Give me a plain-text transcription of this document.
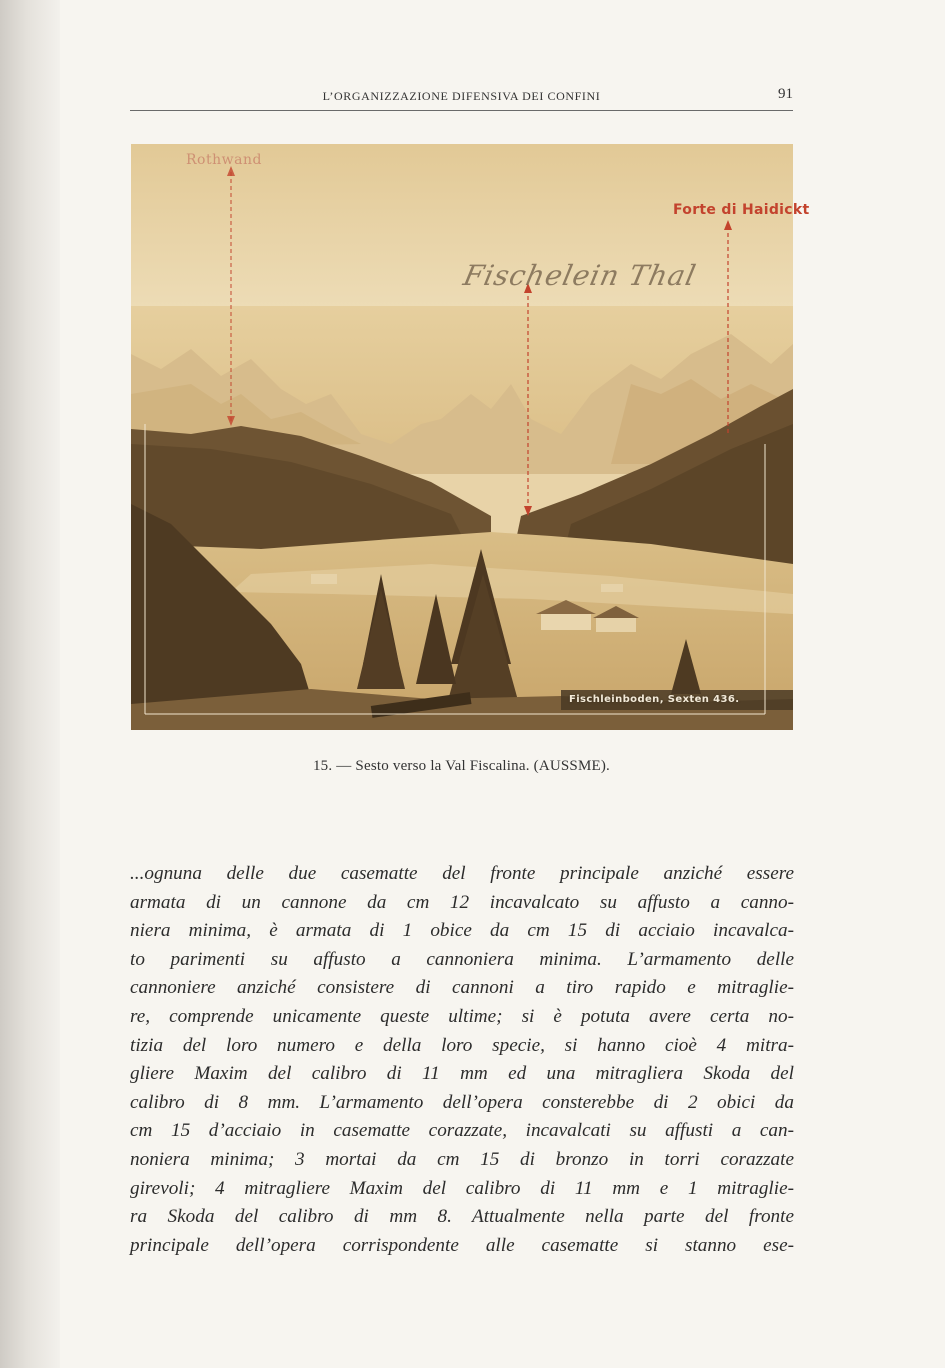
L’ORGANIZZAZIONE DIFENSIVA DEI CONFINI	91
Rothwand
Forte di Haidickt
Fischelein Thal
Fischleinboden, Sexten 436.
15. — Sesto verso la Val Fiscalina. (AUSSME).
...ognuna delle due casematte del fronte principale anziché essere
armata di un cannone da cm 12 incavalcato su affusto a canno-
niera minima, è armata di 1 obice da cm 15 di acciaio incavalca-
to parimenti su affusto a cannoniera minima. L’armamento delle
cannoniere anziché consistere di cannoni a tiro rapido e mitraglie-
re, comprende unicamente queste ultime; si è potuta avere certa no-
tizia del loro numero e della loro specie, si hanno cioè 4 mitra-
gliere Maxim del calibro di 11 mm ed una mitragliera Skoda del
calibro di 8 mm. L’armamento dell’opera consterebbe di 2 obici da
cm 15 d’acciaio in casematte corazzate, incavalcati su affusti a can-
noniera minima; 3 mortai da cm 15 di bronzo in torri corazzate
girevoli; 4 mitragliere Maxim del calibro di 11 mm e 1 mitraglie-
ra Skoda del calibro di mm 8. Attualmente nella parte del fronte
principale dell’opera corrispondente alle casematte si stanno ese-
